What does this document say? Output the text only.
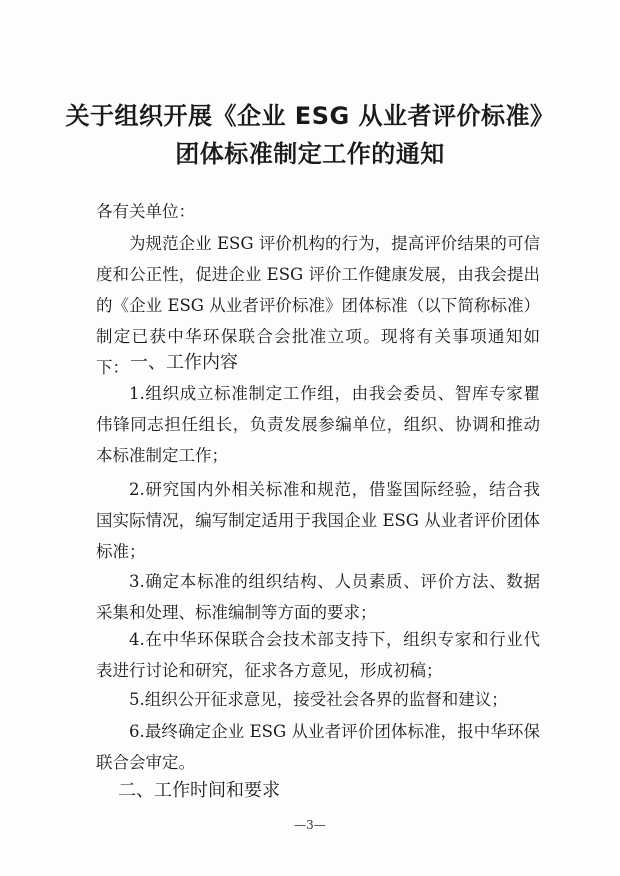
关于组织开展《企业 ESG 从业者评价标准》
团体标准制定工作的通知
各有关单位：
为规范企业 ESG 评价机构的行为，提高评价结果的可信度和公正性，促进企业 ESG 评价工作健康发展，由我会提出的《企业 ESG 从业者评价标准》团体标准（以下简称标准）制定已获中华环保联合会批准立项。现将有关事项通知如下： 一、工作内容
1.组织成立标准制定工作组，由我会委员、智库专家瞿伟锋同志担任组长，负责发展参编单位，组织、协调和推动本标准制定工作；
2.研究国内外相关标准和规范，借鉴国际经验，结合我国实际情况，编写制定适用于我国企业 ESG 从业者评价团体标准；
3.确定本标准的组织结构、人员素质、评价方法、数据采集和处理、标准编制等方面的要求；
4.在中华环保联合会技术部支持下，组织专家和行业代表进行讨论和研究，征求各方意见，形成初稿；
5.组织公开征求意见，接受社会各界的监督和建议；
6.最终确定企业 ESG 从业者评价团体标准，报中华环保联合会审定。
二、工作时间和要求
—3—
